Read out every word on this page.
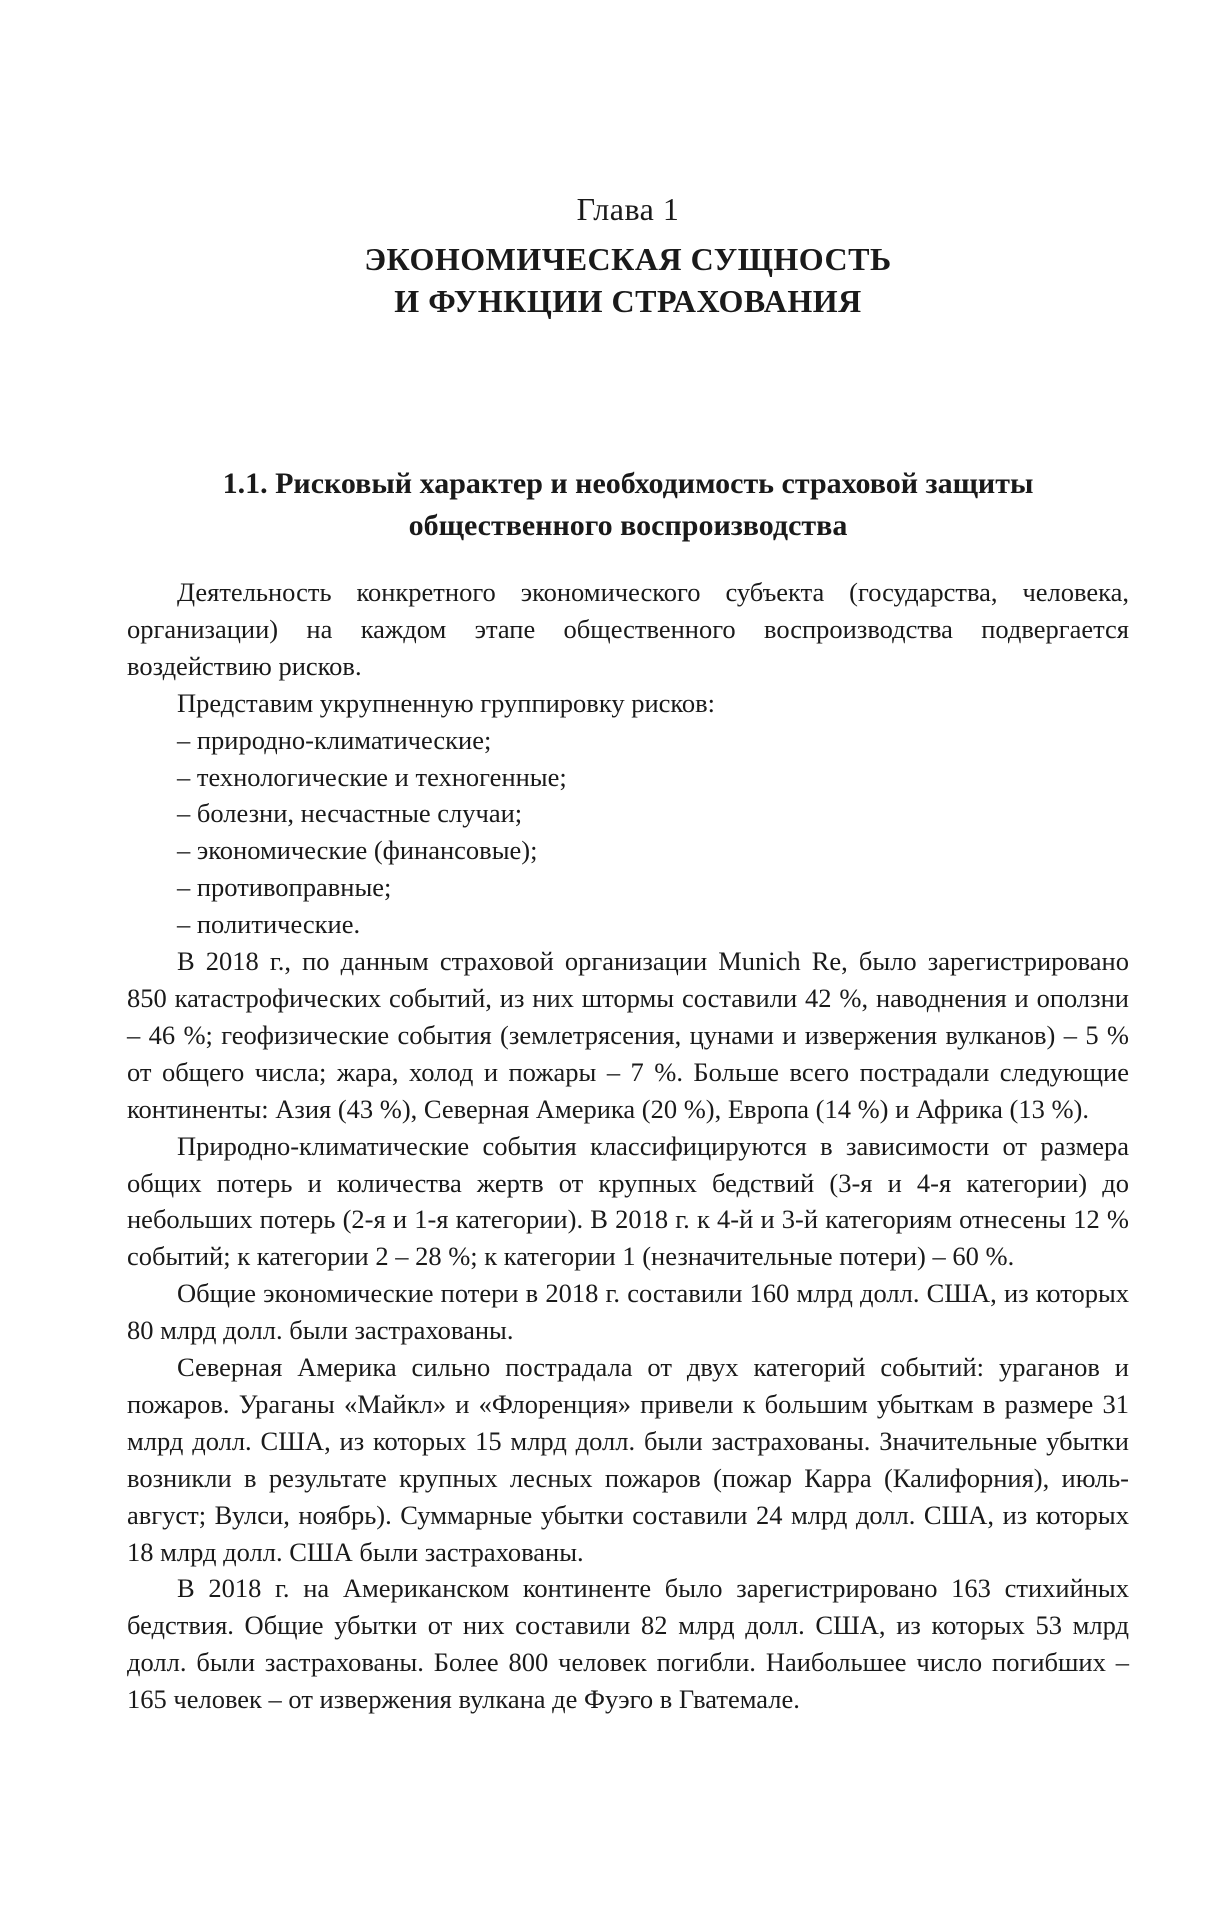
Глава 1
ЭКОНОМИЧЕСКАЯ СУЩНОСТЬ
И ФУНКЦИИ СТРАХОВАНИЯ
1.1. Рисковый характер и необходимость страховой защиты
общественного воспроизводства

Деятельность конкретного экономического субъекта (государства, человека, организации) на каждом этапе общественного воспроизводства подвергается воздействию рисков.

Представим укрупненную группировку рисков:

– природно-климатические;

– технологические и техногенные;

– болезни, несчастные случаи;

– экономические (финансовые);

– противоправные;

– политические.

В 2018 г., по данным страховой организации Munich Re, было зарегистрировано 850 катастрофических событий, из них штормы составили 42 %, наводнения и оползни – 46 %; геофизические события (землетрясения, цунами и извержения вулканов) – 5 % от общего числа; жара, холод и пожары – 7 %. Больше всего пострадали следующие континенты: Азия (43 %), Северная Америка (20 %), Европа (14 %) и Африка (13 %).

Природно-климатические события классифицируются в зависимости от размера общих потерь и количества жертв от крупных бедствий (3-я и 4-я категории) до небольших потерь (2-я и 1-я категории). В 2018 г. к 4-й и 3-й категориям отнесены 12 % событий; к категории 2 – 28 %; к категории 1 (незначительные потери) – 60 %.

Общие экономические потери в 2018 г. составили 160 млрд долл. США, из которых 80 млрд долл. были застрахованы.

Северная Америка сильно пострадала от двух категорий событий: ураганов и пожаров. Ураганы «Майкл» и «Флоренция» привели к большим убыткам в размере 31 млрд долл. США, из которых 15 млрд долл. были застрахованы. Значительные убытки возникли в результате крупных лесных пожаров (пожар Карра (Калифорния), июль-август; Вулси, ноябрь). Суммарные убытки составили 24 млрд долл. США, из которых 18 млрд долл. США были застрахованы.

В 2018 г. на Американском континенте было зарегистрировано 163 стихийных бедствия. Общие убытки от них составили 82 млрд долл. США, из которых 53 млрд долл. были застрахованы. Более 800 человек погибли. Наибольшее число погибших – 165 человек – от извержения вулкана де Фуэго в Гватемале.
